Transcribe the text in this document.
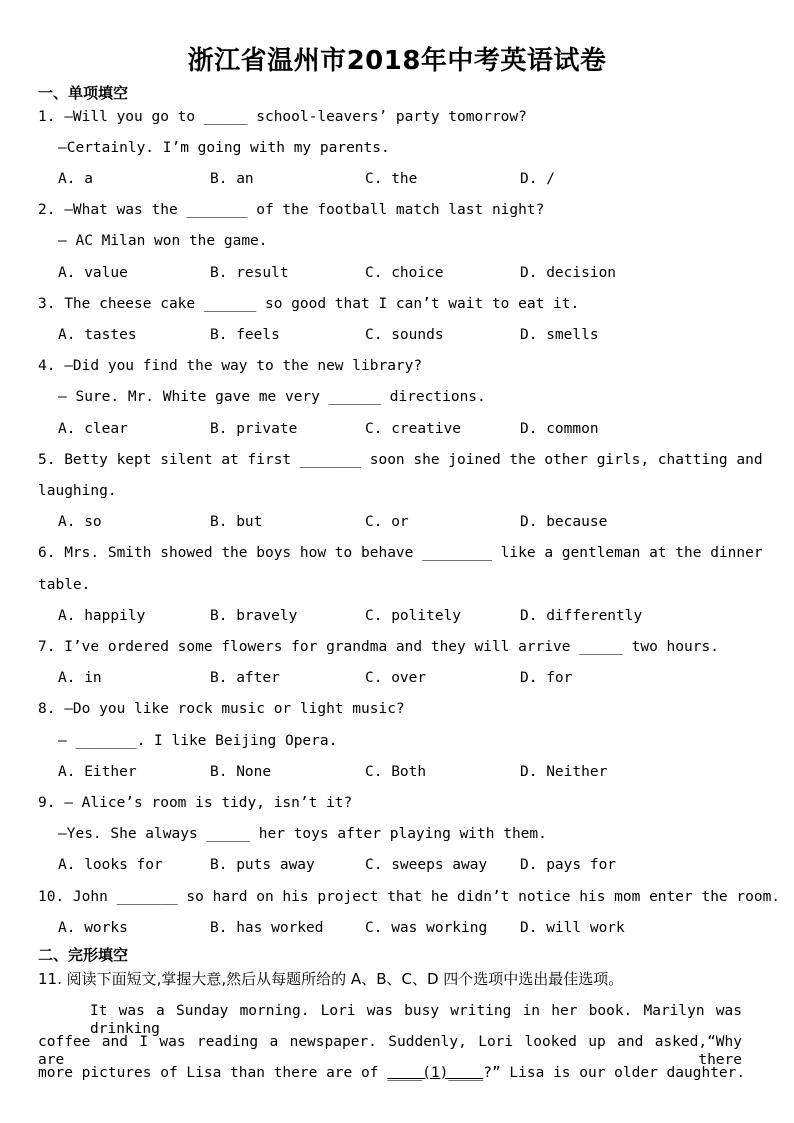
浙江省温州市2018年中考英语试卷
一、单项填空
1. —Will you go to _____ school-leavers’ party tomorrow?
—Certainly. I’m going with my parents.
A. a	B. an	C. the	D. /
2. —What was the _______ of the football match last night?
— AC Milan won the game.
A. value	B. result	C. choice	D. decision
3. The cheese cake ______ so good that I can’t wait to eat it.
A. tastes	B. feels	C. sounds	D. smells
4. —Did you find the way to the new library?
— Sure. Mr. White gave me very ______ directions.
A. clear	B. private	C. creative	D. common
5. Betty kept silent at first _______ soon she joined the other girls, chatting and
laughing.
A. so	B. but	C. or	D. because
6. Mrs. Smith showed the boys how to behave ________ like a gentleman at the dinner
table.
A. happily	B. bravely	C. politely	D. differently
7. I’ve ordered some flowers for grandma and they will arrive _____ two hours.
A. in	B. after	C. over	D. for
8. —Do you like rock music or light music?
— _______. I like Beijing Opera.
A. Either	B. None	C. Both	D. Neither
9. — Alice’s room is tidy, isn’t it?
—Yes. She always _____ her toys after playing with them.
A. looks for	B. puts away	C. sweeps away D. pays for
10. John _______ so hard on his project that he didn’t notice his mom enter the room.
A. works	B. has worked	C. was working D. will work
二、完形填空
11. 阅读下面短文,掌握大意,然后从每题所给的 A、B、C、D 四个选项中选出最佳选项。
It was a Sunday morning. Lori was busy writing in her book. Marilyn was drinking
coffee and I was reading a newspaper. Suddenly, Lori looked up and asked,“Why are there
more pictures of Lisa than there are of ____(1)____?” Lisa is our older daughter.
